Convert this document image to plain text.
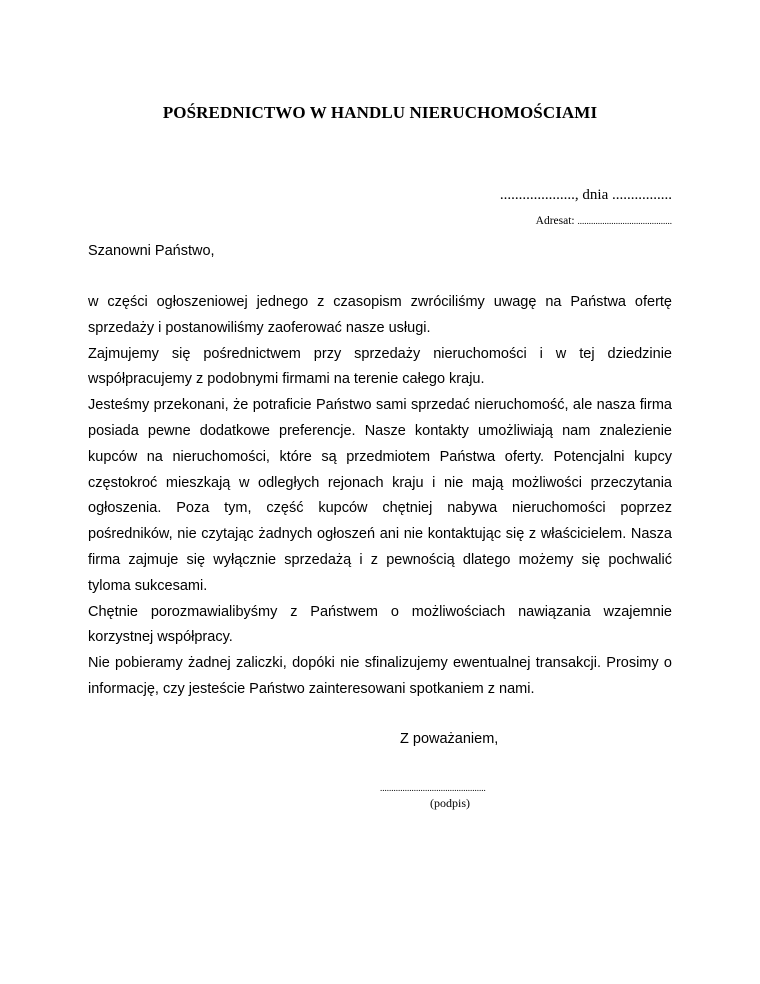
POŚREDNICTWO W HANDLU NIERUCHOMOŚCIAMI
...................., dnia ................
Adresat: ..........................................
Szanowni Państwo,

w części ogłoszeniowej jednego z czasopism zwróciliśmy uwagę na Państwa ofertę sprzedaży i postanowiliśmy zaoferować nasze usługi.

Zajmujemy się pośrednictwem przy sprzedaży nieruchomości i w tej dziedzinie współpracujemy z podobnymi firmami na terenie całego kraju.

Jesteśmy przekonani, że potraficie Państwo sami sprzedać nieruchomość, ale nasza firma posiada pewne dodatkowe preferencje. Nasze kontakty umożliwiają nam znalezienie kupców na nieruchomości, które są przedmiotem Państwa oferty. Potencjalni kupcy częstokroć mieszkają w odległych rejonach kraju i nie mają możliwości przeczytania ogłoszenia. Poza tym, część kupców chętniej nabywa nieruchomości poprzez pośredników, nie czytając żadnych ogłoszeń ani nie kontaktując się z właścicielem. Nasza firma zajmuje się wyłącznie sprzedażą i z pewnością dlatego możemy się pochwalić tyloma sukcesami.

Chętnie porozmawialibyśmy z Państwem o możliwościach nawiązania wzajemnie korzystnej współpracy.

Nie pobieramy żadnej zaliczki, dopóki nie sfinalizujemy ewentualnej transakcji. Prosimy o informację, czy jesteście Państwo zainteresowani spotkaniem z nami.

Z poważaniem,
...............................................
(podpis)
